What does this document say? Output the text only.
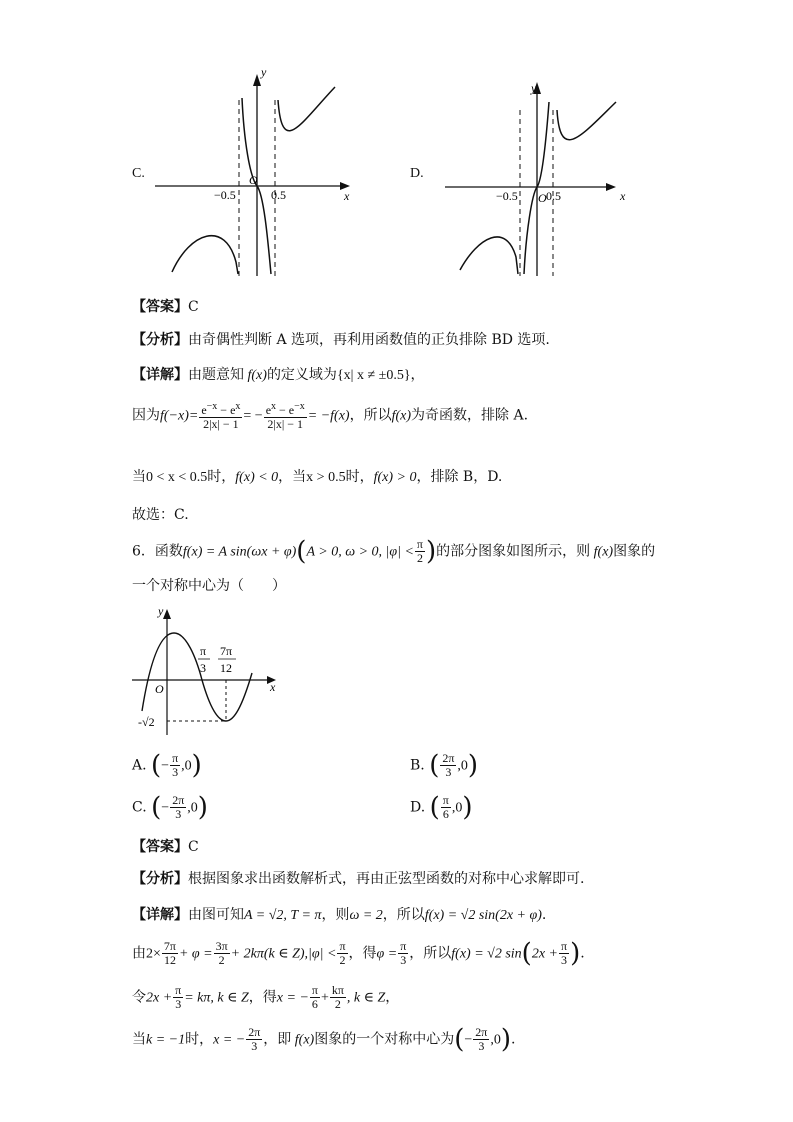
C.
y
x
O
−0.5	0.5
D.
y
x
O
−0.5 0.5
【答案】C
【分析】由奇偶性判断 A 选项，再利用函数值的正负排除 BD 选项.
【详解】由题意知 f(x)的定义域为{x| x ≠ ±0.5}，
因为$f(-x)= \frac{e^{-x} - e^x}{2|x| - 1}$ = − $\frac{e^x - e^{-x}}{2|x| - 1} = -f(x)$，所以f(x)为奇函数，排除 A.
当0 < x < 0.5时，f(x) < 0，当x > 0.5时，f(x) > 0，排除 B，D.
故选：C.
6．函数f(x) = A sin(ωx + φ)(A > 0, ω > 0, $|\varphi| < \frac{\pi}{2}$ )的部分图象如图所示，则 f(x)图象的
一个对称中心为（　　）
y
x
O
π
3
7π
12
-√2
A. (− $\frac{\pi}{3} ,0$)	B. ( $\frac{2\pi}{3} ,0$)
C. (− $\frac{2\pi}{3} ,0$)	D. ( $\frac{\pi}{6} ,0$)
【答案】C
【分析】根据图象求出函数解析式，再由正弦型函数的对称中心求解即可.
【详解】由图可知A = √2, T = π，则ω = 2，所以f(x) = √2 sin(2x + φ).
由$2\times \frac{7\pi}{12} + \varphi = \frac{3\pi}{2} + 2k\pi(k$ ∈ $Z),|\varphi| < \frac{\pi}{2}$ ，得$\varphi = \frac{\pi}{3}$ ，所以f(x) = √2 $\sin(2x + \frac{\pi}{3}$ ).
令$2x + \frac{\pi}{3} = k\pi$, k ∈ Z，得x = − $\frac{\pi}{6} + \frac{k\pi}{2}$ , k ∈ Z，
当k = −1时，x = − $\frac{2\pi}{3}$ ，即 f(x)图象的一个对称中心为(− $\frac{2\pi}{3} ,0$).
